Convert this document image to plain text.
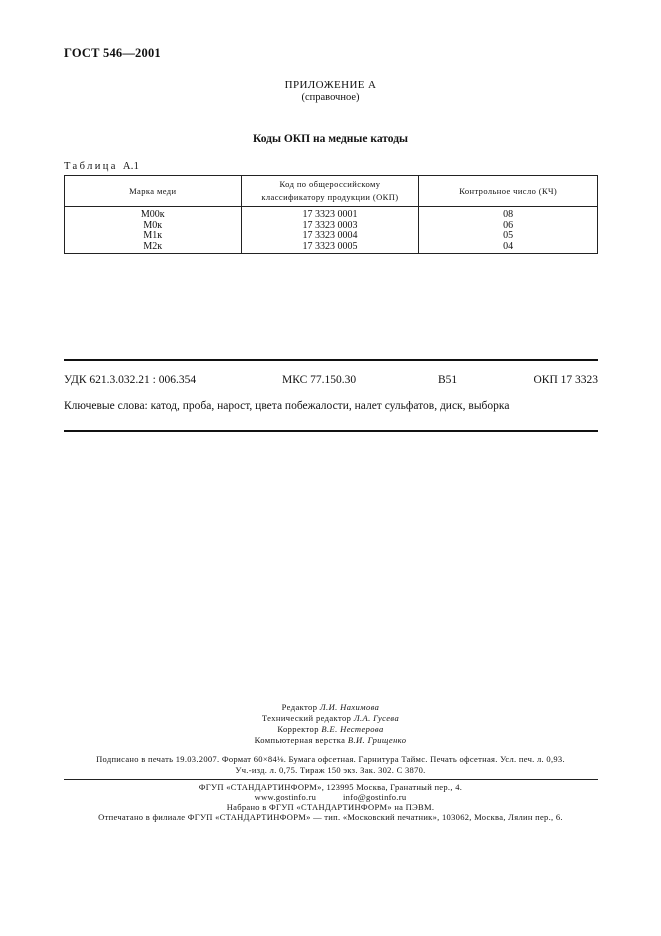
ГОСТ 546—2001
ПРИЛОЖЕНИЕ А
(справочное)
Коды ОКП на медные катоды
Таблица А.1
Марка меди	Код по общероссийскому классификатору продукции (ОКП)	Контрольное число (КЧ)
М00к	17 3323 0001	08
М0к	17 3323 0003	06
М1к	17 3323 0004	05
М2к	17 3323 0005	04
УДК 621.3.032.21 : 006.354	МКС 77.150.30	В51	ОКП 17 3323
Ключевые слова: катод, проба, нарост, цвета побежалости, налет сульфатов, диск, выборка
Редактор Л.И. Нахимова
Технический редактор Л.А. Гусева
Корректор В.Е. Нестерова
Компьютерная верстка В.И. Грищенко
Подписано в печать 19.03.2007. Формат 60×84⅛. Бумага офсетная. Гарнитура Таймс. Печать офсетная. Усл. печ. л. 0,93.
Уч.-изд. л. 0,75. Тираж 150 экз. Зак. 302. С 3870.
ФГУП «СТАНДАРТИНФОРМ», 123995 Москва, Гранатный пер., 4.
www.gostinfo.ru	info@gostinfo.ru
Набрано в ФГУП «СТАНДАРТИНФОРМ» на ПЭВМ.
Отпечатано в филиале ФГУП «СТАНДАРТИНФОРМ» — тип. «Московский печатник», 103062, Москва, Лялин пер., 6.
